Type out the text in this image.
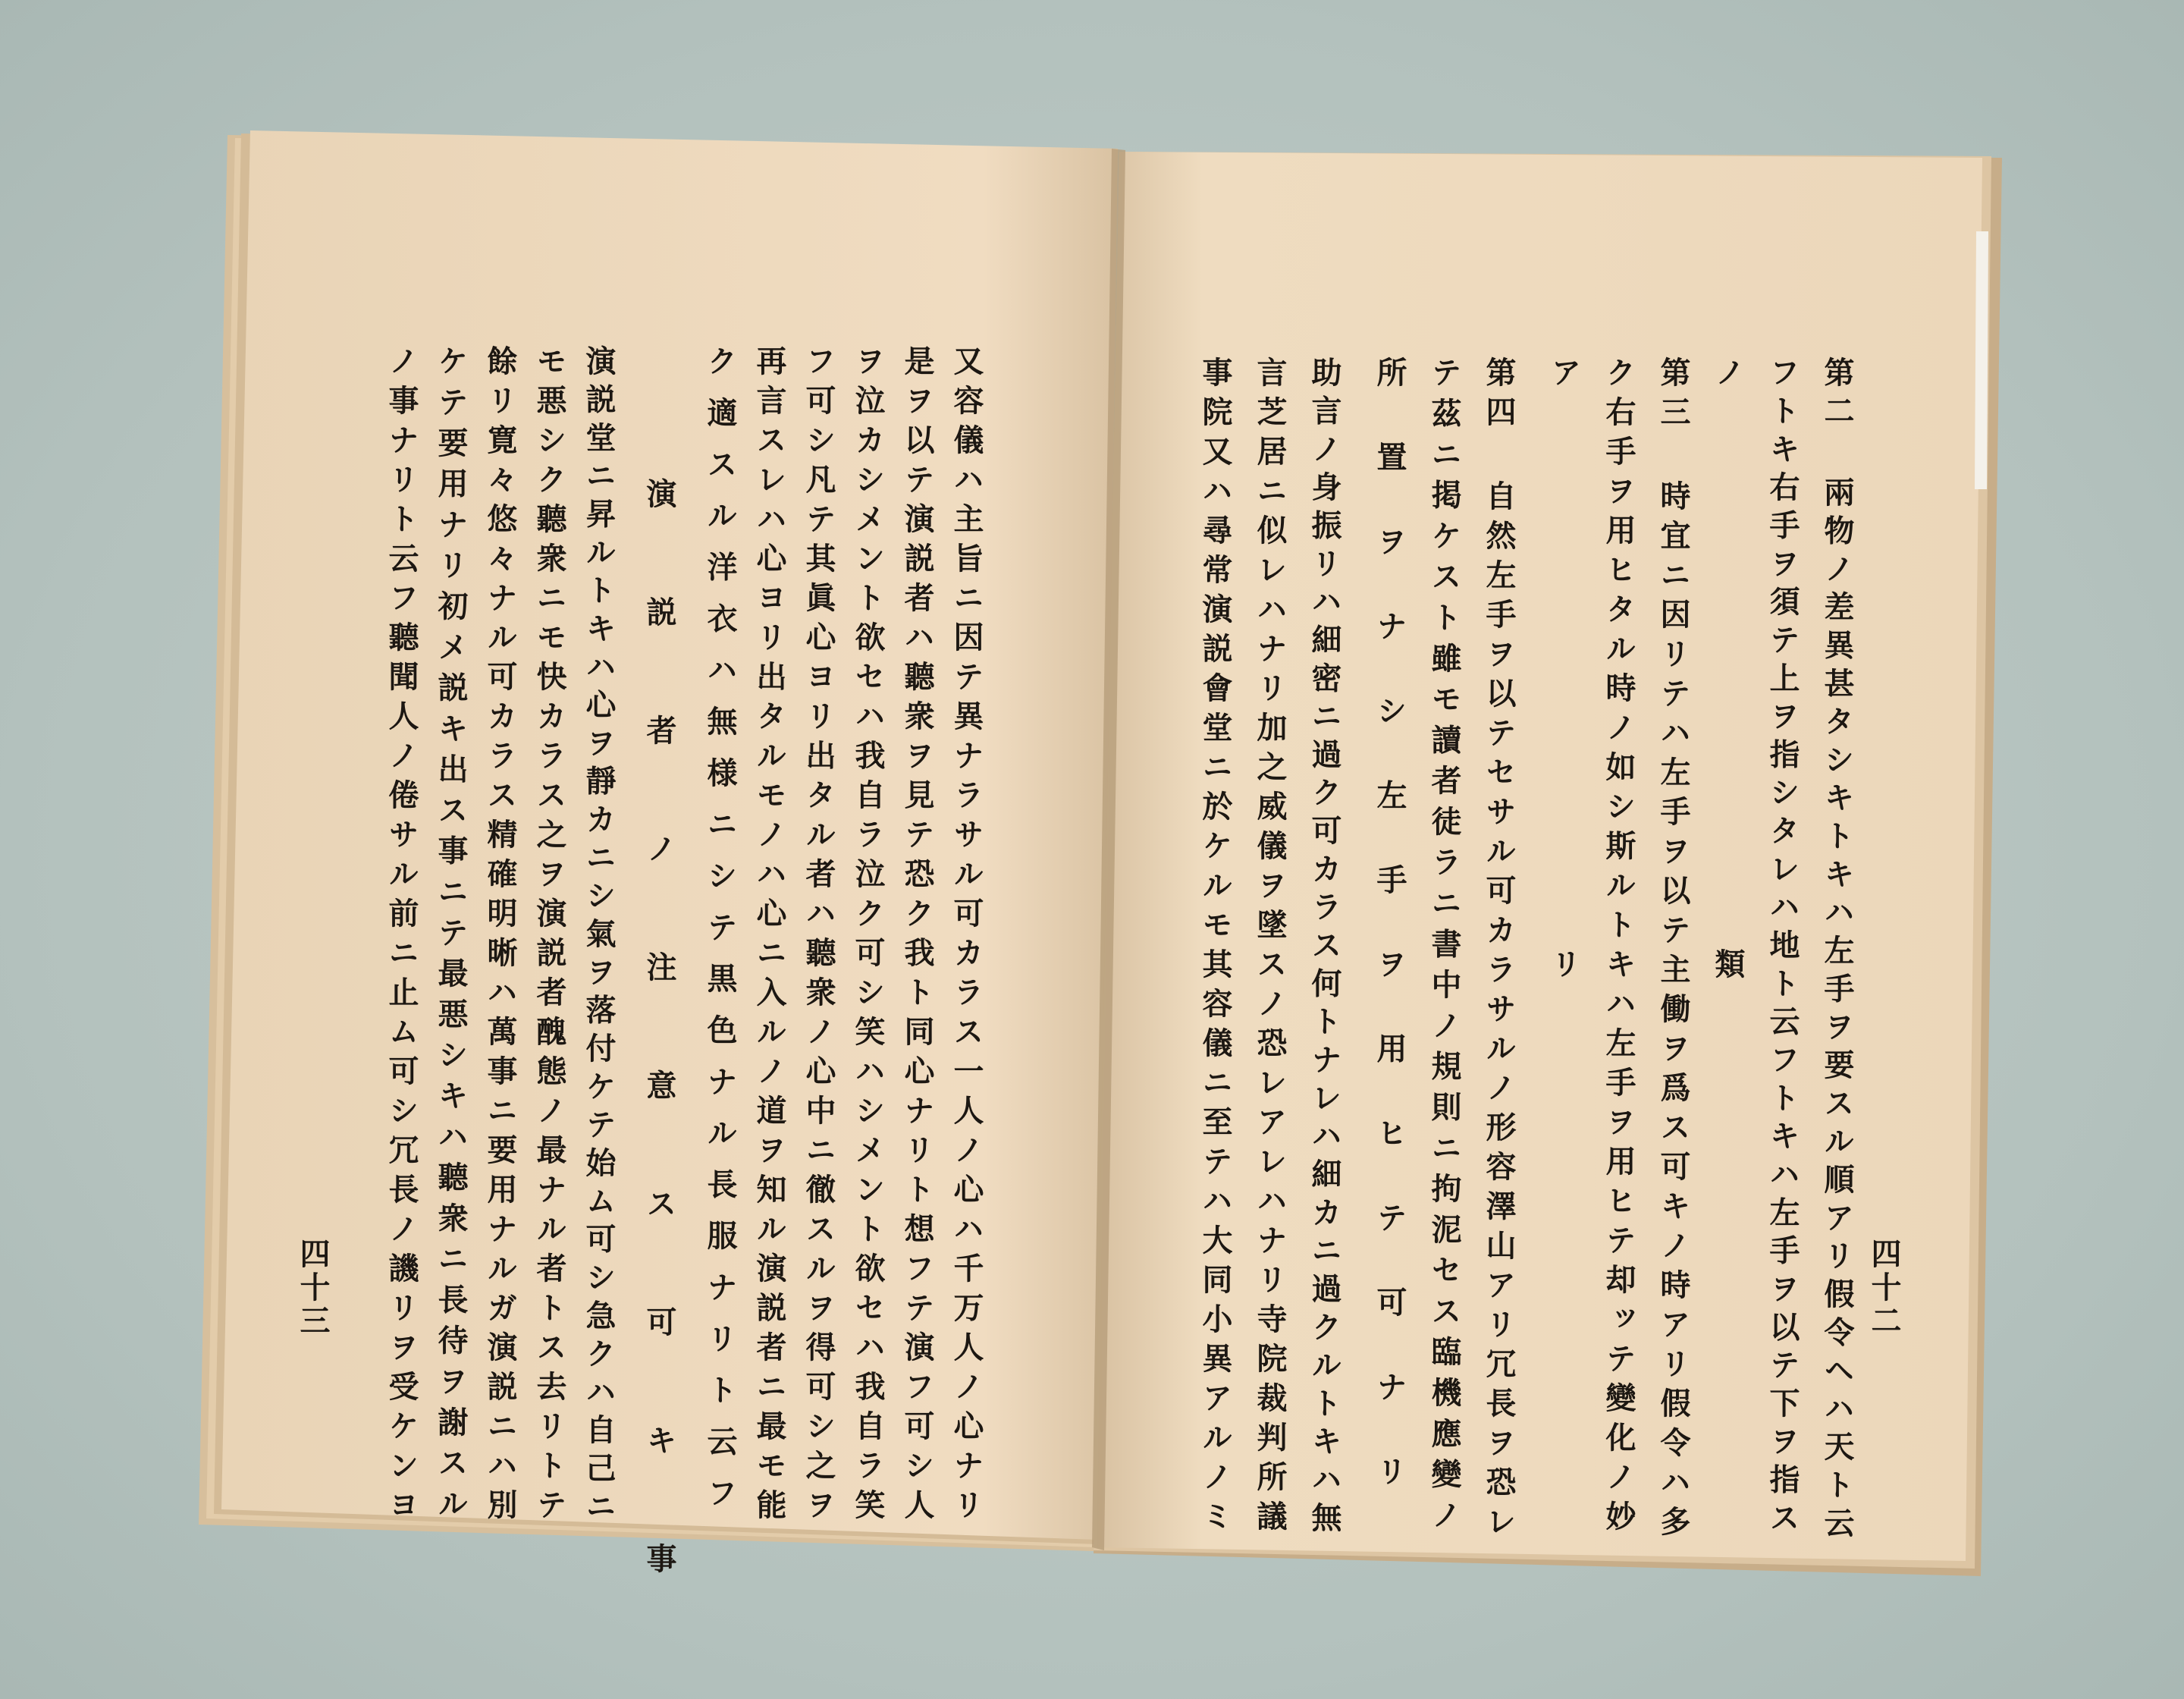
又容儀ハ主旨ニ因テ異ナラサル可カラス一人ノ心ハ千万人ノ心ナリ
是ヲ以テ演説者ハ聽衆ヲ見テ恐ク我ト同心ナリト想フテ演フ可シ人
ヲ泣カシメント欲セハ我自ラ泣ク可シ笑ハシメント欲セハ我自ラ笑
フ可シ凡テ其眞心ヨリ出タル者ハ聽衆ノ心中ニ徹スルヲ得可シ之ヲ
再言スレハ心ヨリ出タルモノハ心ニ入ルノ道ヲ知ル演説者ニ最モ能
ク適スル洋衣ハ無様ニシテ黒色ナル長服ナリト云フ
演説者ノ注意ス可キ事
演説堂ニ昇ルトキハ心ヲ靜カニシ氣ヲ落付ケテ始ム可シ急クハ自己ニ
モ悪シク聽衆ニモ快カラス之ヲ演説者醜態ノ最ナル者トス去リトテ
餘リ寛々悠々ナル可カラス精確明晰ハ萬事ニ要用ナルガ演説ニハ別
ケテ要用ナリ初メ説キ出ス事ニテ最悪シキハ聽衆ニ長待ヲ謝スル
ノ事ナリト云フ聽聞人ノ倦サル前ニ止ム可シ冗長ノ譏リヲ受ケンヨ
四十三	第二 兩物ノ差異甚タシキトキハ左手ヲ要スル順アリ假令ヘハ天ト云
フトキ右手ヲ須テ上ヲ指シタレハ地ト云フトキハ左手ヲ以テ下ヲ指ス
ノ類
第三 時宜ニ因リテハ左手ヲ以テ主働ヲ爲ス可キノ時アリ假令ハ多
ク右手ヲ用ヒタル時ノ如シ斯ルトキハ左手ヲ用ヒテ却ッテ變化ノ妙
アリ
第四 自然左手ヲ以テセサル可カラサルノ形容澤山アリ冗長ヲ恐レ
テ茲ニ掲ケスト雖モ讀者徒ラニ書中ノ規則ニ拘泥セス臨機應變ノ
所置ヲナシ左手ヲ用ヒテ可ナリ
助言ノ身振リハ細密ニ過ク可カラス何トナレハ細カニ過クルトキハ無
言芝居ニ似レハナリ加之威儀ヲ墜スノ恐レアレハナリ寺院裁判所議
事院又ハ尋常演説會堂ニ於ケルモ其容儀ニ至テハ大同小異アルノミ	四十二
